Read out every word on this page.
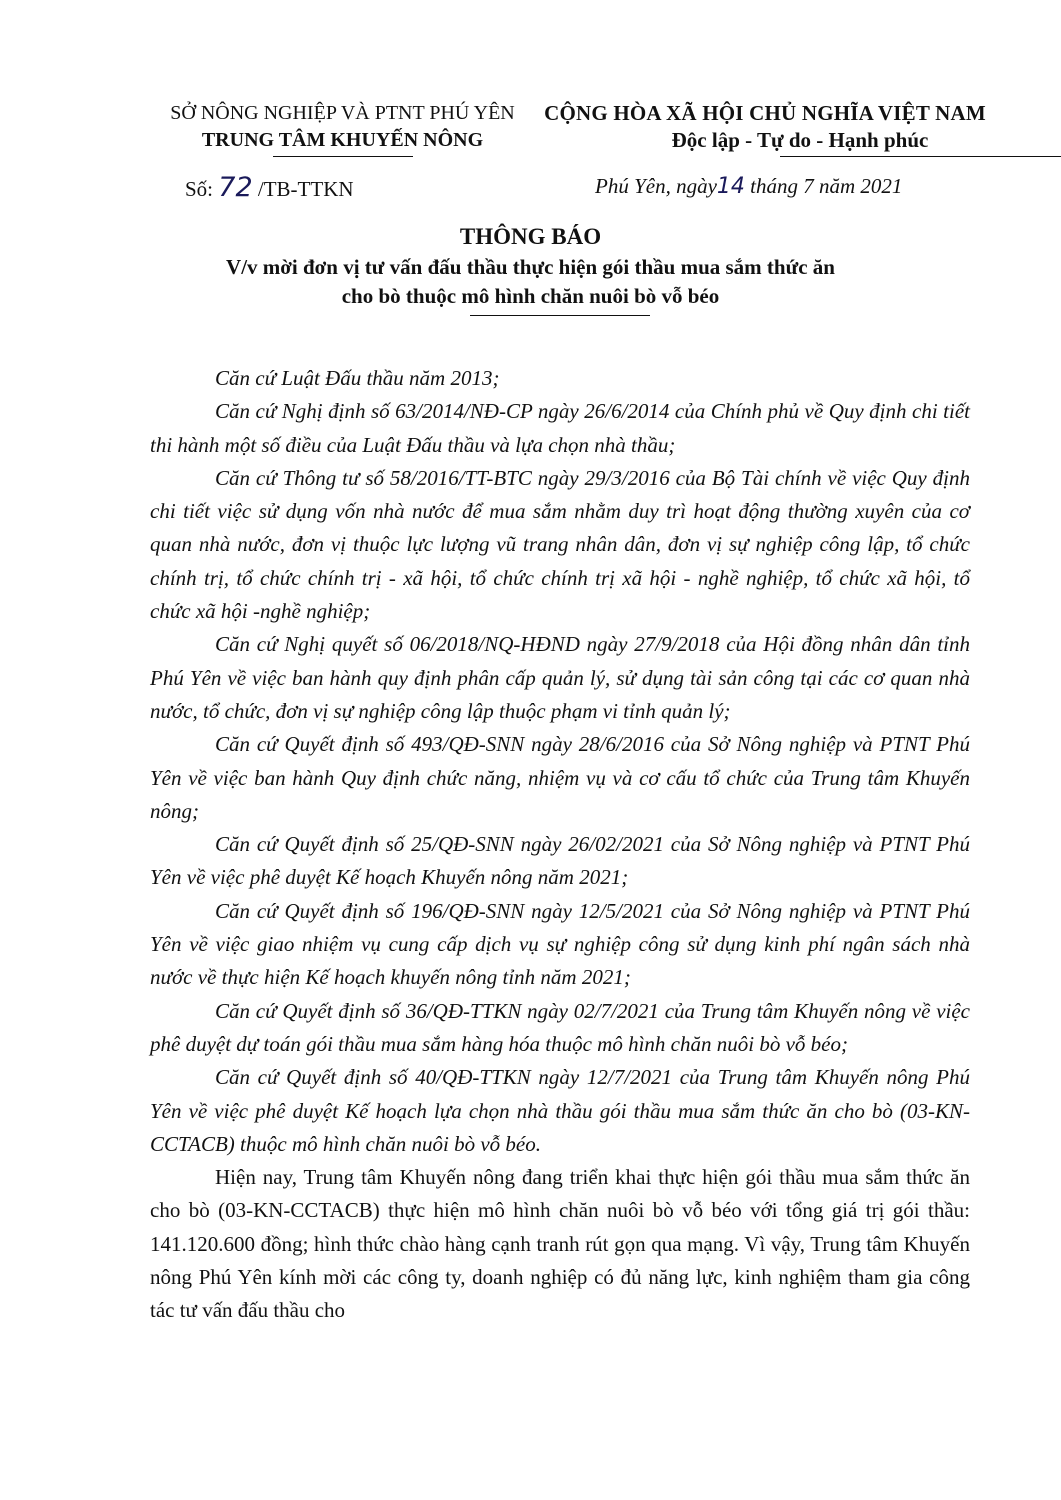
SỞ NÔNG NGHIỆP VÀ PTNT PHÚ YÊN
TRUNG TÂM KHUYẾN NÔNG
CỘNG HÒA XÃ HỘI CHỦ NGHĨA VIỆT NAM
Độc lập - Tự do - Hạnh phúc
Số: 72 /TB-TTKN	Phú Yên, ngày14 tháng 7 năm 2021
THÔNG BÁO
V/v mời đơn vị tư vấn đấu thầu thực hiện gói thầu mua sắm thức ăn
cho bò thuộc mô hình chăn nuôi bò vỗ béo

Căn cứ Luật Đấu thầu năm 2013;

Căn cứ Nghị định số 63/2014/NĐ-CP ngày 26/6/2014 của Chính phủ về Quy định chi tiết thi hành một số điều của Luật Đấu thầu và lựa chọn nhà thầu;

Căn cứ Thông tư số 58/2016/TT-BTC ngày 29/3/2016 của Bộ Tài chính về việc Quy định chi tiết việc sử dụng vốn nhà nước để mua sắm nhằm duy trì hoạt động thường xuyên của cơ quan nhà nước, đơn vị thuộc lực lượng vũ trang nhân dân, đơn vị sự nghiệp công lập, tổ chức chính trị, tổ chức chính trị - xã hội, tổ chức chính trị xã hội - nghề nghiệp, tổ chức xã hội, tổ chức xã hội -nghề nghiệp;

Căn cứ Nghị quyết số 06/2018/NQ-HĐND ngày 27/9/2018 của Hội đồng nhân dân tỉnh Phú Yên về việc ban hành quy định phân cấp quản lý, sử dụng tài sản công tại các cơ quan nhà nước, tổ chức, đơn vị sự nghiệp công lập thuộc phạm vi tỉnh quản lý;

Căn cứ Quyết định số 493/QĐ-SNN ngày 28/6/2016 của Sở Nông nghiệp và PTNT Phú Yên về việc ban hành Quy định chức năng, nhiệm vụ và cơ cấu tổ chức của Trung tâm Khuyến nông;

Căn cứ Quyết định số 25/QĐ-SNN ngày 26/02/2021 của Sở Nông nghiệp và PTNT Phú Yên về việc phê duyệt Kế hoạch Khuyến nông năm 2021;

Căn cứ Quyết định số 196/QĐ-SNN ngày 12/5/2021 của Sở Nông nghiệp và PTNT Phú Yên về việc giao nhiệm vụ cung cấp dịch vụ sự nghiệp công sử dụng kinh phí ngân sách nhà nước về thực hiện Kế hoạch khuyến nông tỉnh năm 2021;

Căn cứ Quyết định số 36/QĐ-TTKN ngày 02/7/2021 của Trung tâm Khuyến nông về việc phê duyệt dự toán gói thầu mua sắm hàng hóa thuộc mô hình chăn nuôi bò vỗ béo;

Căn cứ Quyết định số 40/QĐ-TTKN ngày 12/7/2021 của Trung tâm Khuyến nông Phú Yên về việc phê duyệt Kế hoạch lựa chọn nhà thầu gói thầu mua sắm thức ăn cho bò (03-KN-CCTACB) thuộc mô hình chăn nuôi bò vỗ béo.

Hiện nay, Trung tâm Khuyến nông đang triển khai thực hiện gói thầu mua sắm thức ăn cho bò (03-KN-CCTACB) thực hiện mô hình chăn nuôi bò vỗ béo với tổng giá trị gói thầu: 141.120.600 đồng; hình thức chào hàng cạnh tranh rút gọn qua mạng. Vì vậy, Trung tâm Khuyến nông Phú Yên kính mời các công ty, doanh nghiệp có đủ năng lực, kinh nghiệm tham gia công tác tư vấn đấu thầu cho
